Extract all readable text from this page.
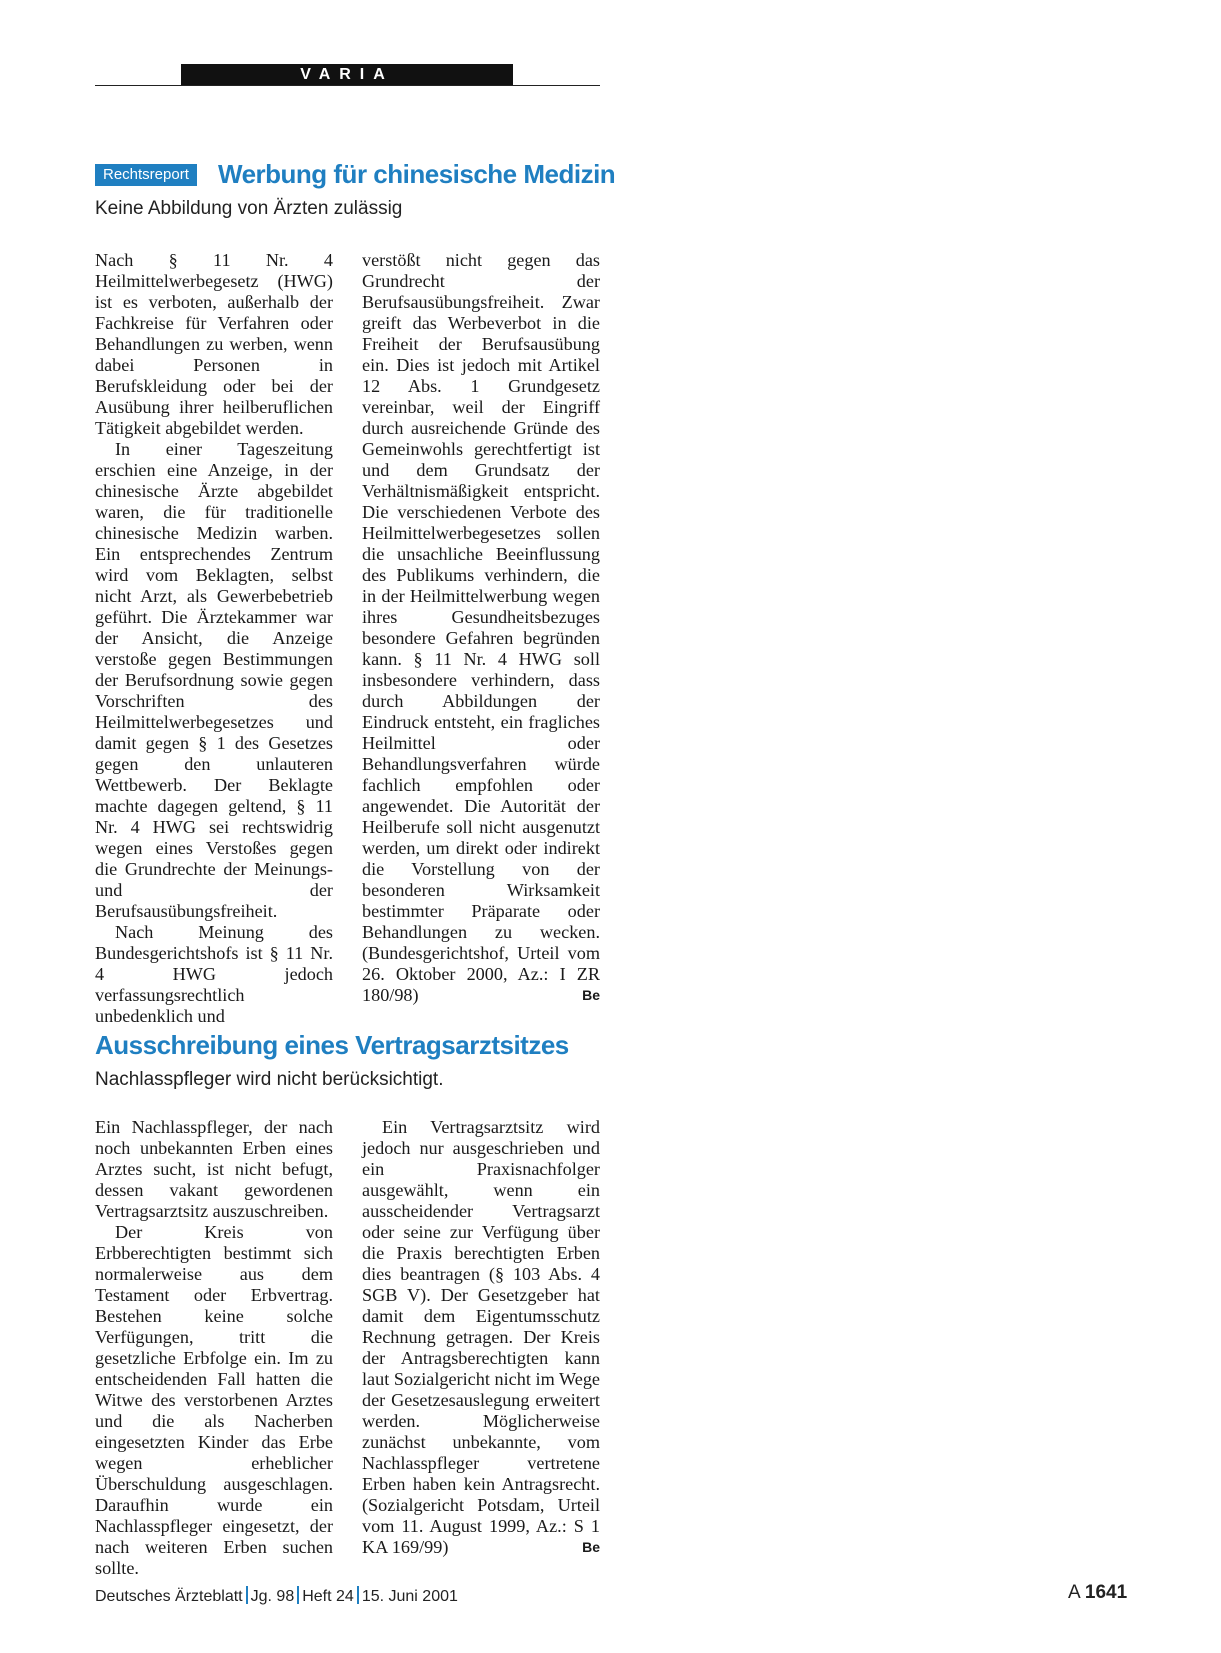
VARIA
Rechtsreport	Werbung für chinesische Medizin

Keine Abbildung von Ärzten zulässig

Nach § 11 Nr. 4 Heilmittelwerbegesetz (HWG) ist es verboten, außerhalb der Fachkreise für Verfahren oder Behandlungen zu werben, wenn dabei Personen in Berufskleidung oder bei der Ausübung ihrer heilberuflichen Tätigkeit abgebildet werden.

In einer Tageszeitung erschien eine Anzeige, in der chinesische Ärzte abgebildet waren, die für traditionelle chinesische Medizin warben. Ein entsprechendes Zentrum wird vom Beklagten, selbst nicht Arzt, als Gewerbebetrieb geführt. Die Ärztekammer war der Ansicht, die Anzeige verstoße gegen Bestimmungen der Berufsordnung sowie gegen Vorschriften des Heilmittelwerbegesetzes und damit gegen § 1 des Gesetzes gegen den unlauteren Wettbewerb. Der Beklagte machte dagegen geltend, § 11 Nr. 4 HWG sei rechtswidrig wegen eines Verstoßes gegen die Grundrechte der Meinungs- und der Berufsausübungsfreiheit.

Nach Meinung des Bundesgerichtshofs ist § 11 Nr. 4 HWG jedoch verfassungsrechtlich unbedenklich und

verstößt nicht gegen das Grundrecht der Berufsausübungsfreiheit. Zwar greift das Werbeverbot in die Freiheit der Berufsausübung ein. Dies ist jedoch mit Artikel 12 Abs. 1 Grundgesetz vereinbar, weil der Eingriff durch ausreichende Gründe des Gemeinwohls gerechtfertigt ist und dem Grundsatz der Verhältnismäßigkeit entspricht. Die verschiedenen Verbote des Heilmittelwerbegesetzes sollen die unsachliche Beeinflussung des Publikums verhindern, die in der Heilmittelwerbung wegen ihres Gesundheitsbezuges besondere Gefahren begründen kann. § 11 Nr. 4 HWG soll insbesondere verhindern, dass durch Abbildungen der Eindruck entsteht, ein fragliches Heilmittel oder Behandlungsverfahren würde fachlich empfohlen oder angewendet. Die Autorität der Heilberufe soll nicht ausgenutzt werden, um direkt oder indirekt die Vorstellung von der besonderen Wirksamkeit bestimmter Präparate oder Behandlungen zu wecken. (Bundesgerichtshof, Urteil vom 26. Oktober 2000, Az.: I ZR 180/98)	Be

Ausschreibung eines Vertragsarztsitzes

Nachlasspfleger wird nicht berücksichtigt.

Ein Nachlasspfleger, der nach noch unbekannten Erben eines Arztes sucht, ist nicht befugt, dessen vakant gewordenen Vertragsarztsitz auszuschreiben.

Der Kreis von Erbberechtigten bestimmt sich normalerweise aus dem Testament oder Erbvertrag. Bestehen keine solche Verfügungen, tritt die gesetzliche Erbfolge ein. Im zu entscheidenden Fall hatten die Witwe des verstorbenen Arztes und die als Nacherben eingesetzten Kinder das Erbe wegen erheblicher Überschuldung ausgeschlagen. Daraufhin wurde ein Nachlasspfleger eingesetzt, der nach weiteren Erben suchen sollte.

Ein Vertragsarztsitz wird jedoch nur ausgeschrieben und ein Praxisnachfolger ausgewählt, wenn ein ausscheidender Vertragsarzt oder seine zur Verfügung über die Praxis berechtigten Erben dies beantragen (§ 103 Abs. 4 SGB V). Der Gesetzgeber hat damit dem Eigentumsschutz Rechnung getragen. Der Kreis der Antragsberechtigten kann laut Sozialgericht nicht im Wege der Gesetzesauslegung erweitert werden. Möglicherweise zunächst unbekannte, vom Nachlasspfleger vertretene Erben haben kein Antragsrecht. (Sozialgericht Potsdam, Urteil vom 11. August 1999, Az.: S 1 KA 169/99)	Be

Deutsches Ärzteblatt Jg. 98 Heft 24 15. Juni 2001	A 1641
